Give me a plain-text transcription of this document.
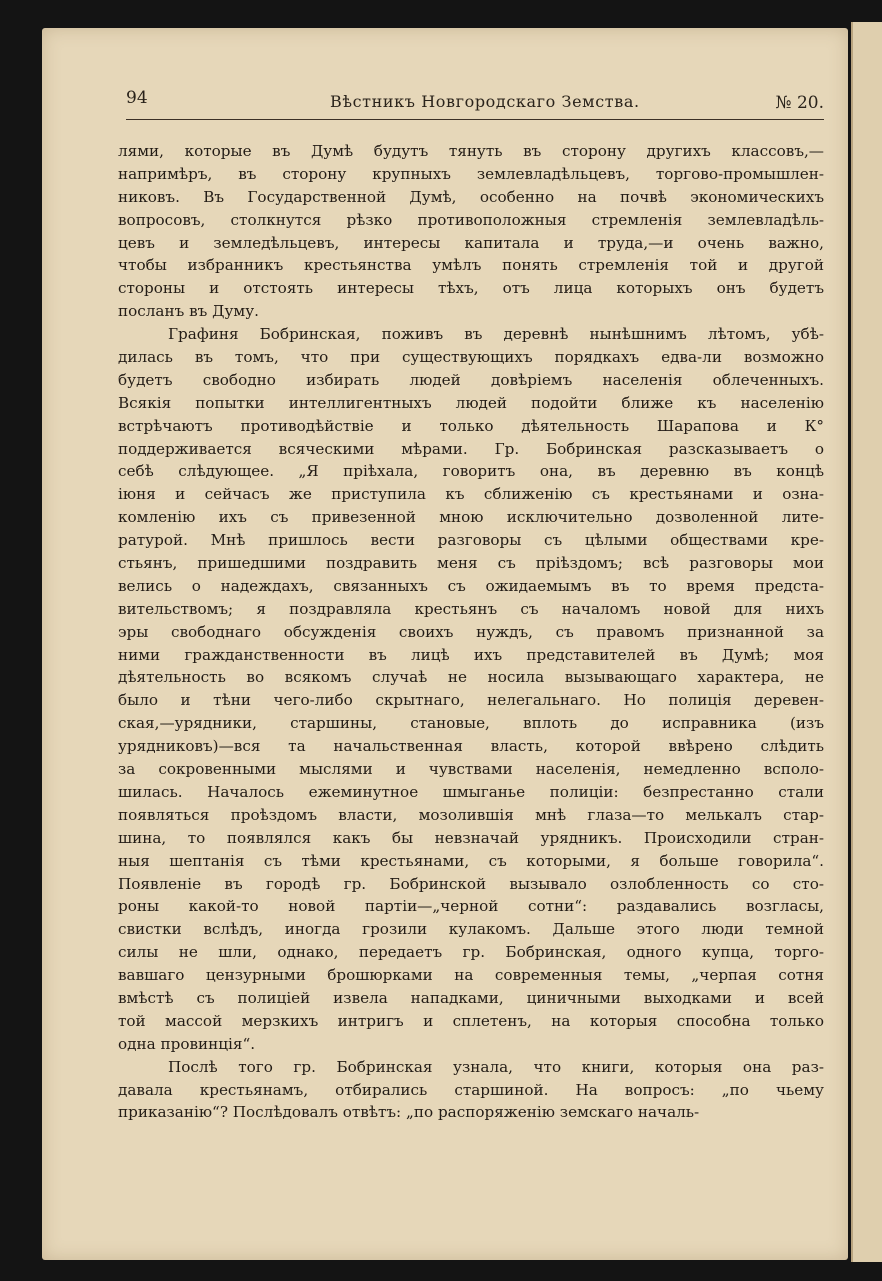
94	Вѣстникъ Новгородскаго Земства.	№ 20.
лями, которые въ Думѣ будутъ тянуть въ сторону другихъ классовъ,—
напримѣръ, въ сторону крупныхъ землевладѣльцевъ, торгово-промышлен-
никовъ. Въ Государственной Думѣ, особенно на почвѣ экономическихъ
вопросовъ, столкнутся рѣзко противоположныя стремленія землевладѣль-
цевъ и земледѣльцевъ, интересы капитала и труда,—и очень важно,
чтобы избранникъ крестьянства умѣлъ понять стремленія той и другой
стороны и отстоять интересы тѣхъ, отъ лица которыхъ онъ будетъ
посланъ въ Думу.
Графиня Бобринская, поживъ въ деревнѣ нынѣшнимъ лѣтомъ, убѣ-
дилась въ томъ, что при существующихъ порядкахъ едва-ли возможно
будетъ свободно избирать людей довѣріемъ населенія облеченныхъ.
Всякія попытки интеллигентныхъ людей подойти ближе къ населенію
встрѣчаютъ противодѣйствіе и только дѣятельность Шарапова и К°
поддерживается всяческими мѣрами. Гр. Бобринская разсказываетъ о
себѣ слѣдующее. „Я пріѣхала, говоритъ она, въ деревню въ концѣ
іюня и сейчасъ же приступила къ сближенію съ крестьянами и озна-
комленію ихъ съ привезенной мною исключительно дозволенной лите-
ратурой. Мнѣ пришлось вести разговоры съ цѣлыми обществами кре-
стьянъ, пришедшими поздравить меня съ пріѣздомъ; всѣ разговоры мои
велись о надеждахъ, связанныхъ съ ожидаемымъ въ то время предста-
вительствомъ; я поздравляла крестьянъ съ началомъ новой для нихъ
эры свободнаго обсужденія своихъ нуждъ, съ правомъ признанной за
ними гражданственности въ лицѣ ихъ представителей въ Думѣ; моя
дѣятельность во всякомъ случаѣ не носила вызывающаго характера, не
было и тѣни чего-либо скрытнаго, нелегальнаго. Но полиція деревен-
ская,—урядники, старшины, становые, вплоть до исправника (изъ
урядниковъ)—вся та начальственная власть, которой ввѣрено слѣдить
за сокровенными мыслями и чувствами населенія, немедленно всполо-
шилась. Началось ежеминутное шмыганье полиціи: безпрестанно стали
появляться проѣздомъ власти, мозолившія мнѣ глаза—то мелькалъ стар-
шина, то появлялся какъ бы невзначай урядникъ. Происходили стран-
ныя шептанія съ тѣми крестьянами, съ которыми, я больше говорила“.
Появленіе въ городѣ гр. Бобринской вызывало озлобленность со сто-
роны какой-то новой партіи—„черной сотни“: раздавались возгласы,
свистки вслѣдъ, иногда грозили кулакомъ. Дальше этого люди темной
силы не шли, однако, передаетъ гр. Бобринская, одного купца, торго-
вавшаго цензурными брошюрками на современныя темы, „черпая сотня
вмѣстѣ съ полиціей извела нападками, циничными выходками и всей
той массой мерзкихъ интригъ и сплетенъ, на которыя способна только
одна провинція“.
Послѣ того гр. Бобринская узнала, что книги, которыя она раз-
давала крестьянамъ, отбирались старшиной. На вопросъ: „по чьему
приказанію“? Послѣдовалъ отвѣтъ: „по распоряженію земскаго началь-
